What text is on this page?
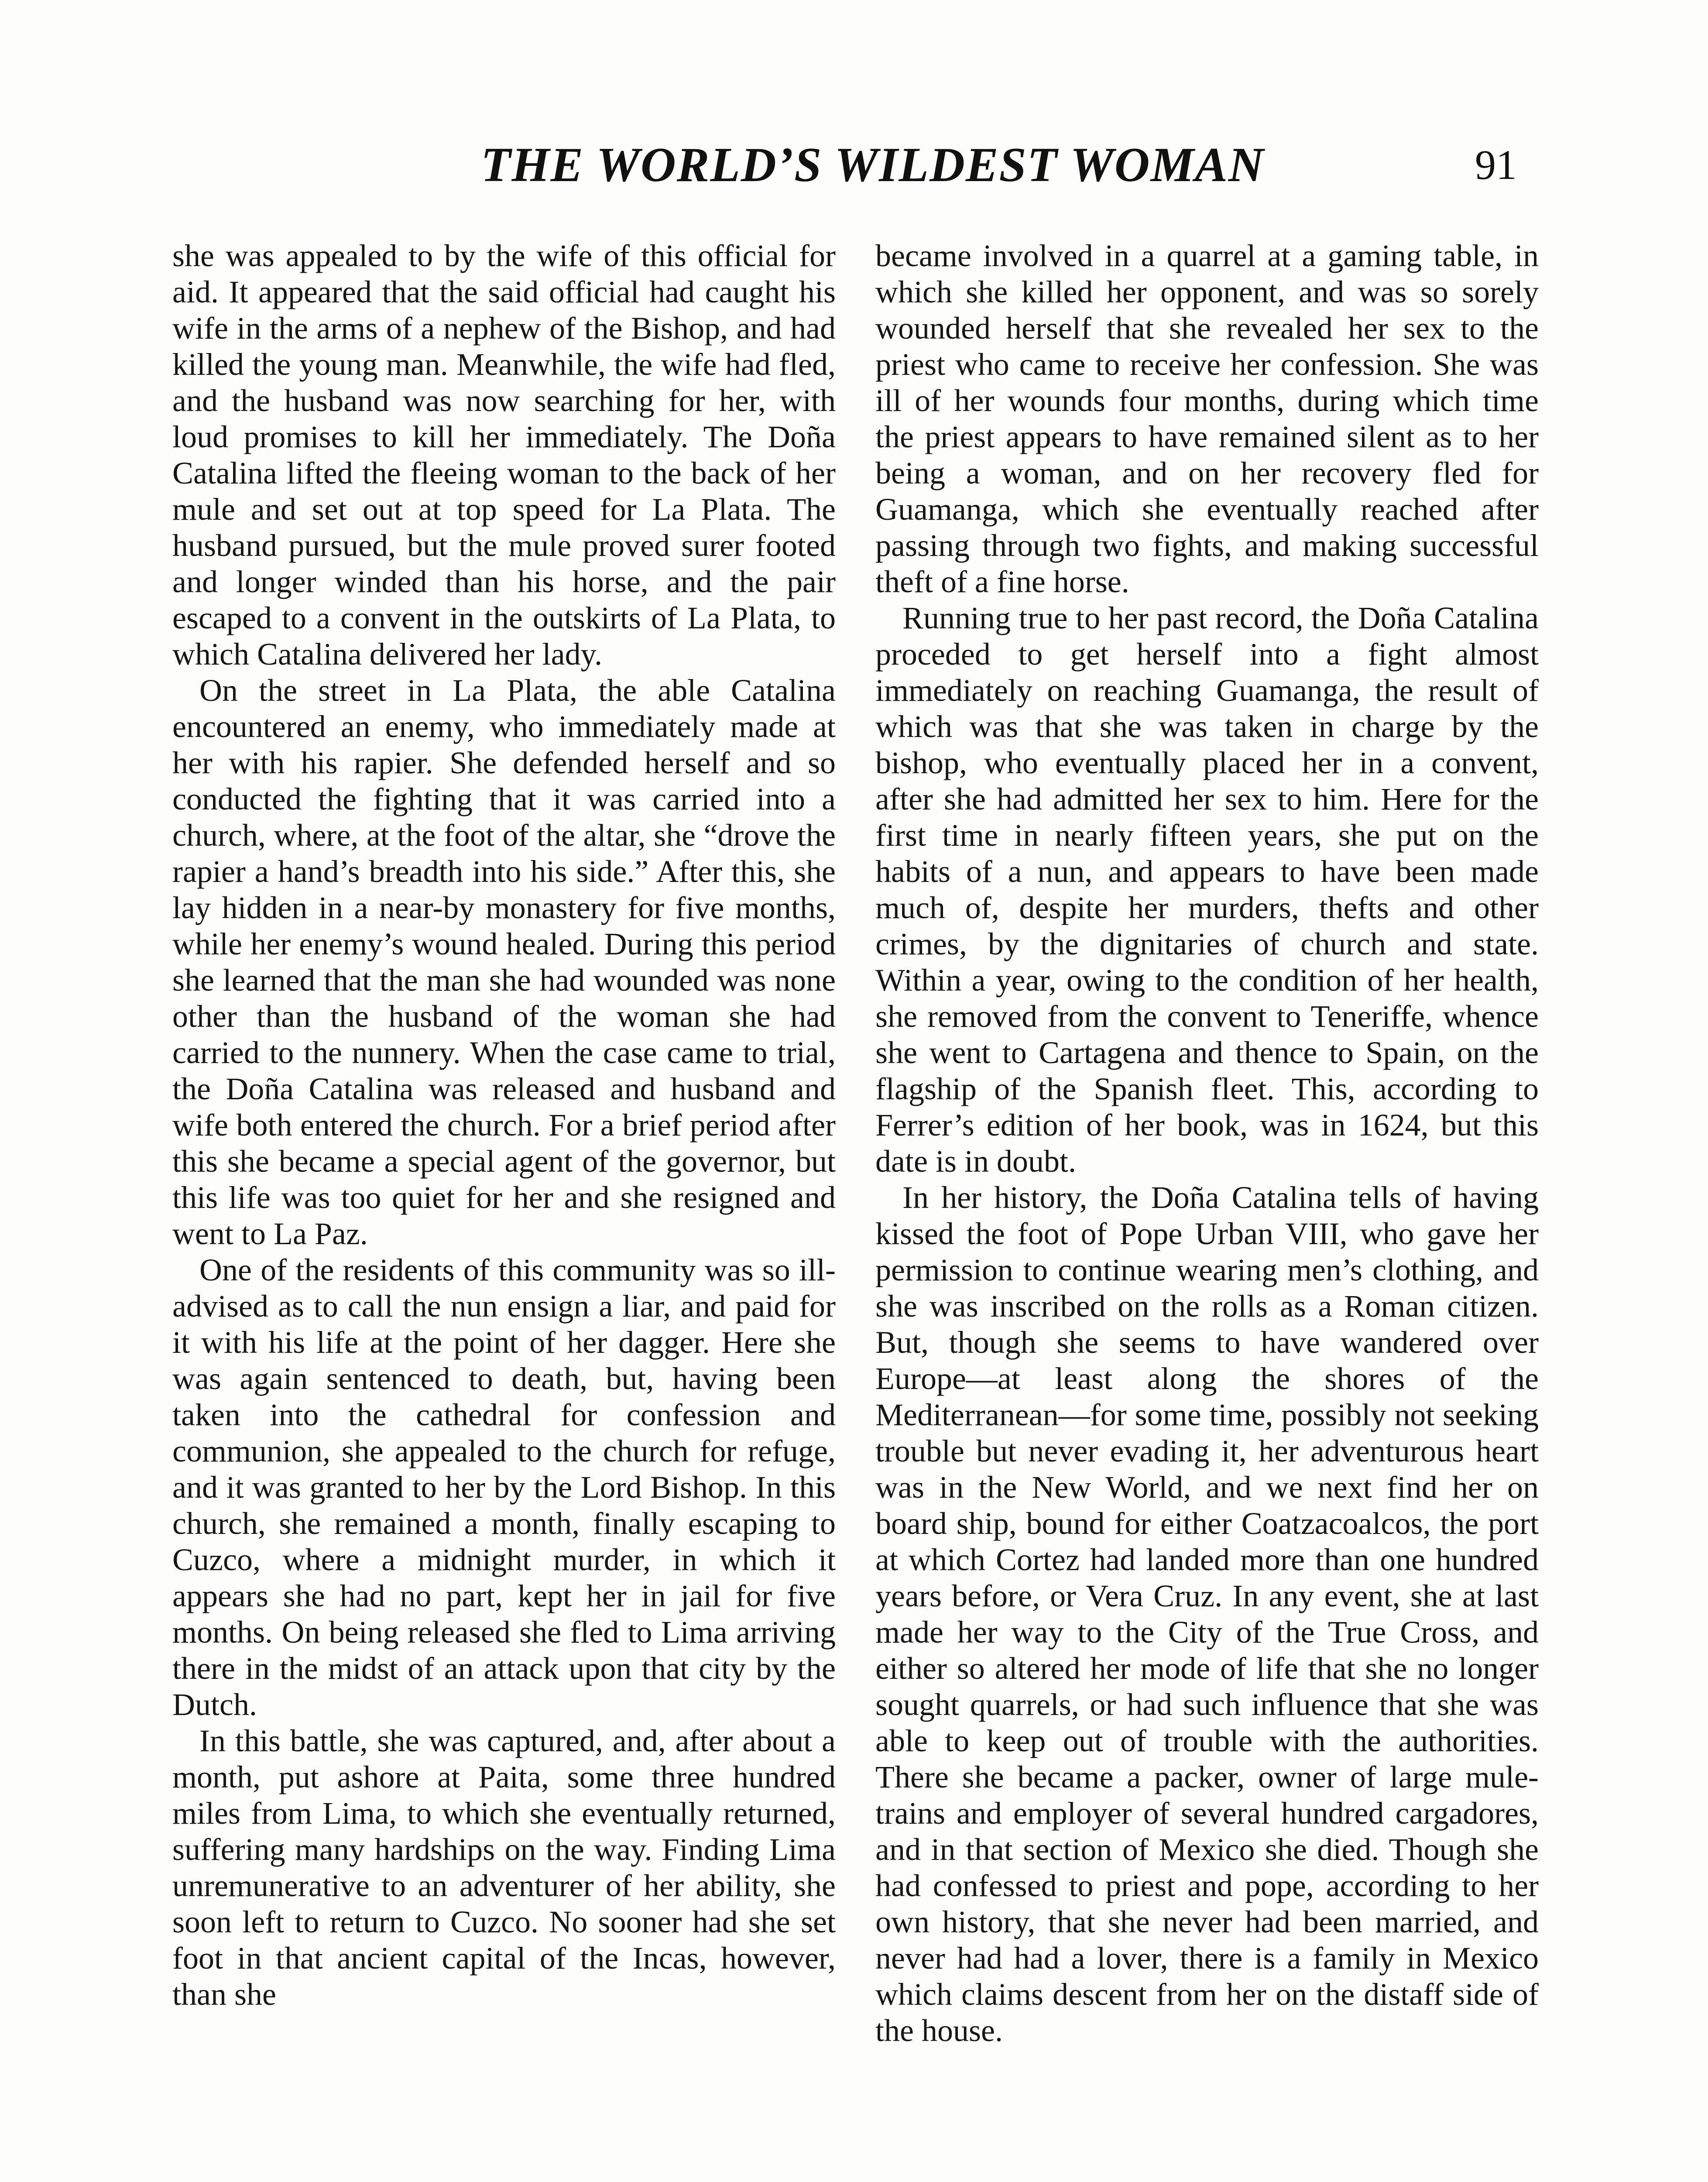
THE WORLD’S WILDEST WOMAN	91

she was appealed to by the wife of this official for aid. It appeared that the said official had caught his wife in the arms of a nephew of the Bishop, and had killed the young man. Meanwhile, the wife had fled, and the husband was now searching for her, with loud promises to kill her immediately. The Doña Catalina lifted the fleeing woman to the back of her mule and set out at top speed for La Plata. The husband pursued, but the mule proved surer footed and longer winded than his horse, and the pair escaped to a convent in the outskirts of La Plata, to which Catalina delivered her lady.

On the street in La Plata, the able Catalina encountered an enemy, who immediately made at her with his rapier. She defended herself and so conducted the fighting that it was carried into a church, where, at the foot of the altar, she “drove the rapier a hand’s breadth into his side.” After this, she lay hidden in a near-by monastery for five months, while her enemy’s wound healed. During this period she learned that the man she had wounded was none other than the husband of the woman she had carried to the nunnery. When the case came to trial, the Doña Catalina was released and husband and wife both entered the church. For a brief period after this she became a special agent of the governor, but this life was too quiet for her and she resigned and went to La Paz.

One of the residents of this community was so ill-advised as to call the nun ensign a liar, and paid for it with his life at the point of her dagger. Here she was again sentenced to death, but, having been taken into the cathedral for confession and communion, she appealed to the church for refuge, and it was granted to her by the Lord Bishop. In this church, she remained a month, finally escaping to Cuzco, where a midnight murder, in which it appears she had no part, kept her in jail for five months. On being released she fled to Lima arriving there in the midst of an attack upon that city by the Dutch.

In this battle, she was captured, and, after about a month, put ashore at Paita, some three hundred miles from Lima, to which she eventually returned, suffering many hardships on the way. Finding Lima unremunerative to an adventurer of her ability, she soon left to return to Cuzco. No sooner had she set foot in that ancient capital of the Incas, however, than she

became involved in a quarrel at a gaming table, in which she killed her opponent, and was so sorely wounded herself that she revealed her sex to the priest who came to receive her confession. She was ill of her wounds four months, during which time the priest appears to have remained silent as to her being a woman, and on her recovery fled for Guamanga, which she eventually reached after passing through two fights, and making successful theft of a fine horse.

Running true to her past record, the Doña Catalina proceded to get herself into a fight almost immediately on reaching Guamanga, the result of which was that she was taken in charge by the bishop, who eventually placed her in a convent, after she had admitted her sex to him. Here for the first time in nearly fifteen years, she put on the habits of a nun, and appears to have been made much of, despite her murders, thefts and other crimes, by the dignitaries of church and state. Within a year, owing to the condition of her health, she removed from the convent to Teneriffe, whence she went to Cartagena and thence to Spain, on the flagship of the Spanish fleet. This, according to Ferrer’s edition of her book, was in 1624, but this date is in doubt.

In her history, the Doña Catalina tells of having kissed the foot of Pope Urban VIII, who gave her permission to continue wearing men’s clothing, and she was inscribed on the rolls as a Roman citizen. But, though she seems to have wandered over Europe—at least along the shores of the Mediterranean—for some time, possibly not seeking trouble but never evading it, her adventurous heart was in the New World, and we next find her on board ship, bound for either Coatzacoalcos, the port at which Cortez had landed more than one hundred years before, or Vera Cruz. In any event, she at last made her way to the City of the True Cross, and either so altered her mode of life that she no longer sought quarrels, or had such influence that she was able to keep out of trouble with the authorities. There she became a packer, owner of large mule-trains and employer of several hundred cargadores, and in that section of Mexico she died. Though she had confessed to priest and pope, according to her own history, that she never had been married, and never had had a lover, there is a family in Mexico which claims descent from her on the distaff side of the house.
